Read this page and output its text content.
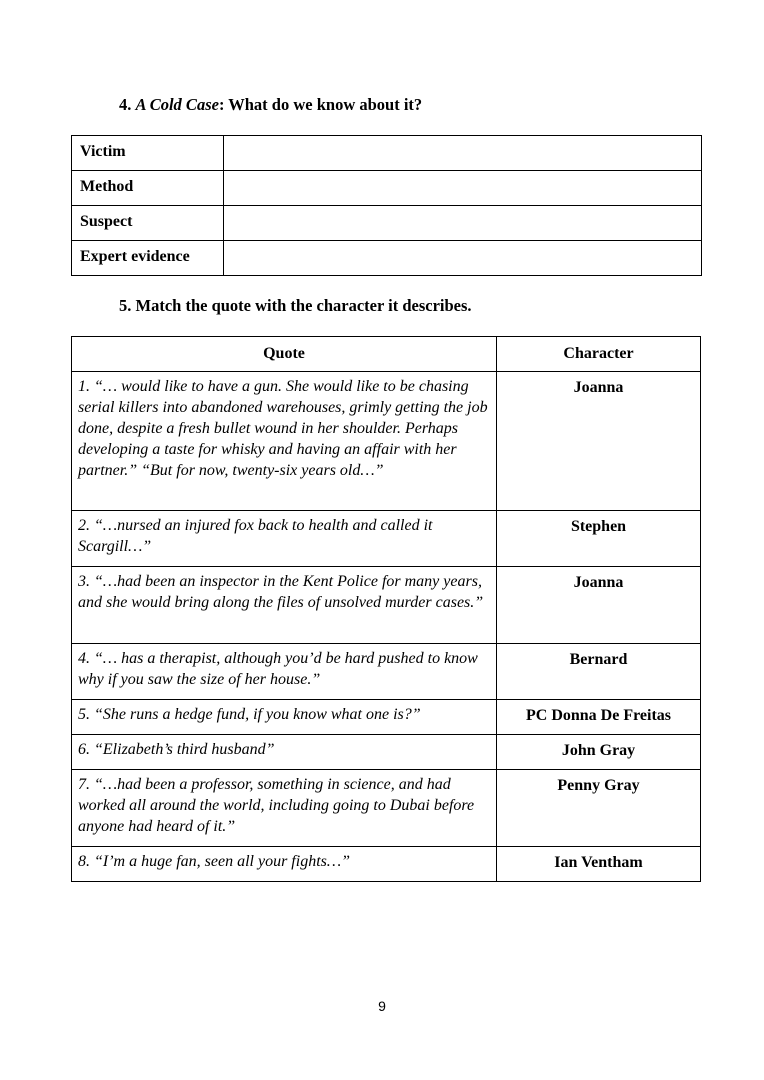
4. A Cold Case: What do we know about it?
Victim	
Method	
Suspect	
Expert evidence	
5. Match the quote with the character it describes.
Quote	Character
1. “… would like to have a gun. She would like to be chasing serial killers into abandoned warehouses, grimly getting the job done, despite a fresh bullet wound in her shoulder. Perhaps developing a taste for whisky and having an affair with her partner.” “But for now, twenty-six years old…”	Joanna
2. “…nursed an injured fox back to health and called it Scargill…”	Stephen
3. “…had been an inspector in the Kent Police for many years, and she would bring along the files of unsolved murder cases.”	Joanna
4. “… has a therapist, although you’d be hard pushed to know why if you saw the size of her house.”	Bernard
5. “She runs a hedge fund, if you know what one is?”	PC Donna De Freitas
6. “Elizabeth’s third husband”	John Gray
7. “…had been a professor, something in science, and had worked all around the world, including going to Dubai before anyone had heard of it.”	Penny Gray
8. “I’m a huge fan, seen all your fights…”	Ian Ventham
9
